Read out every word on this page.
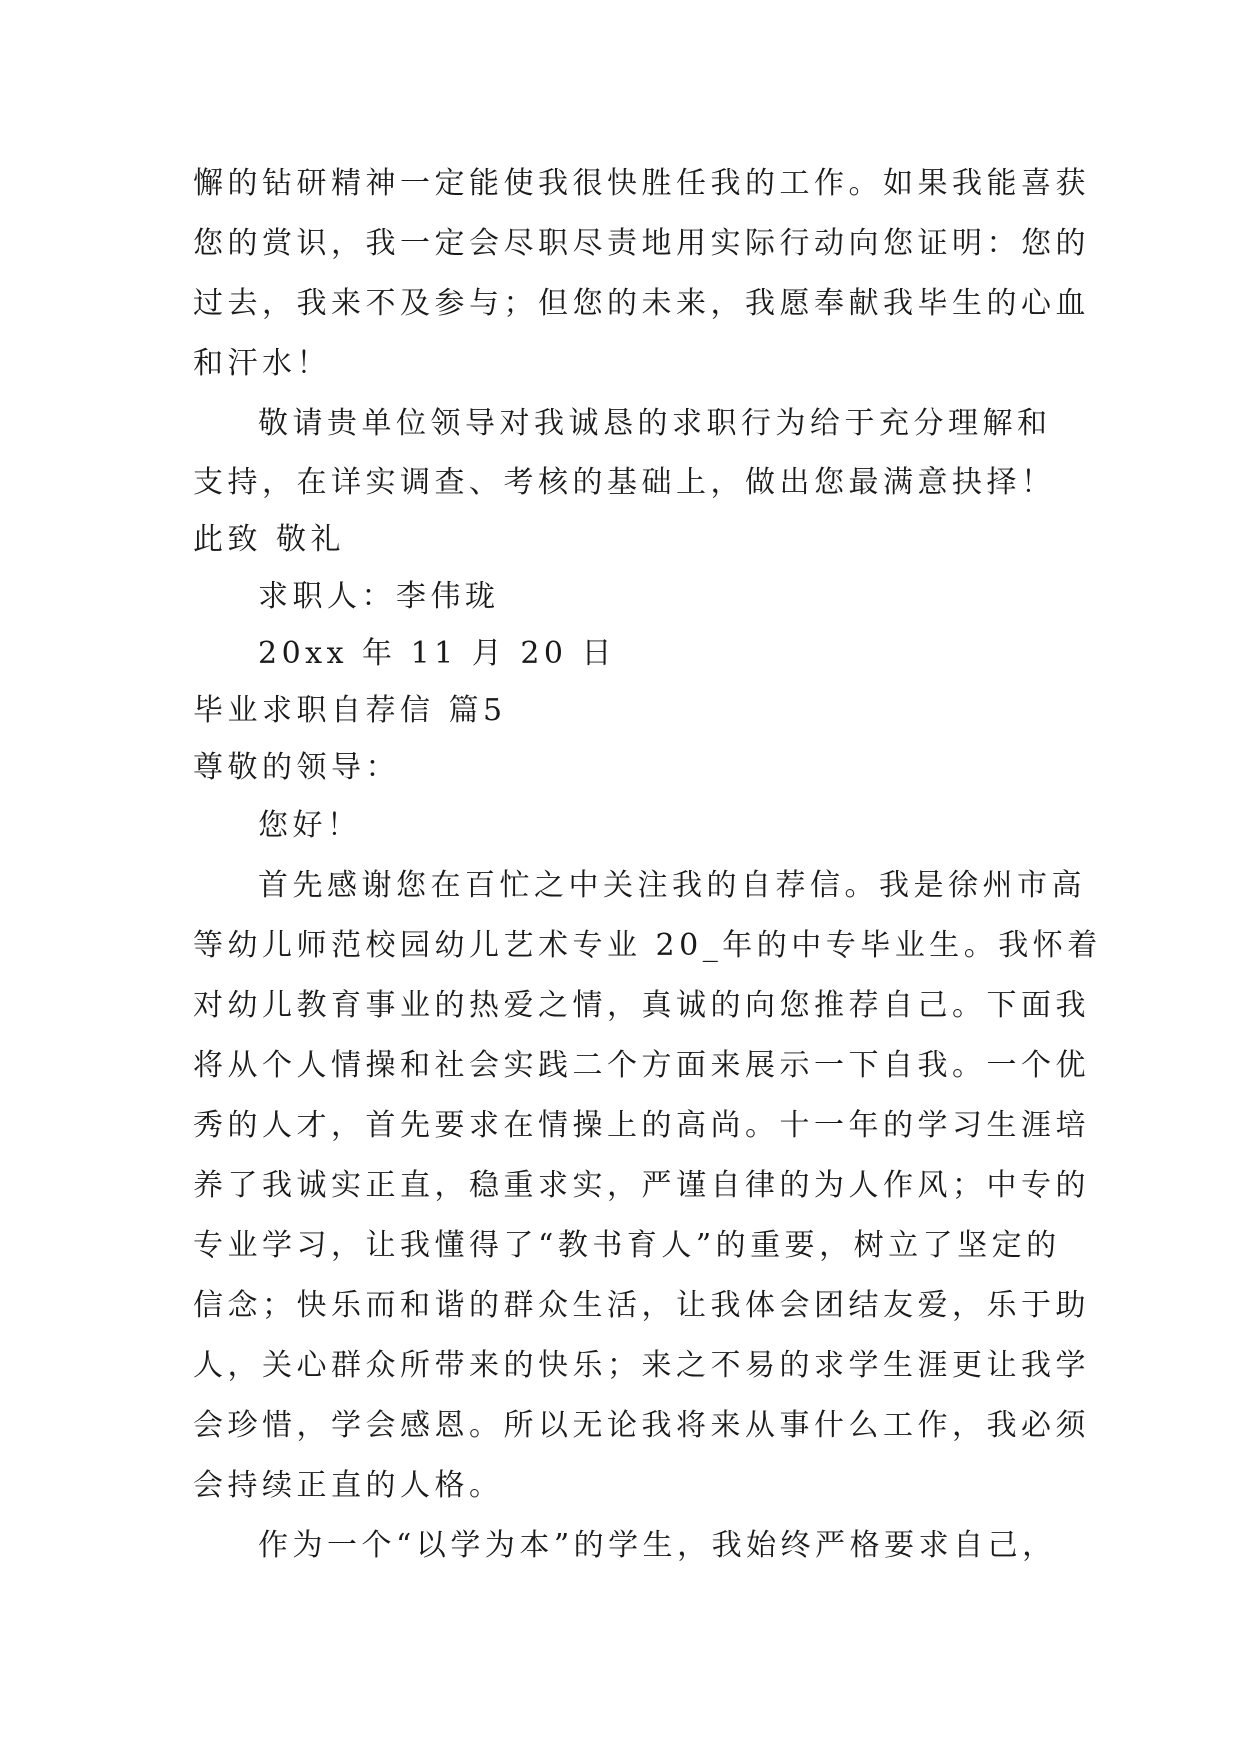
懈的钻研精神一定能使我很快胜任我的工作。如果我能喜获
您的赏识，我一定会尽职尽责地用实际行动向您证明：您的
过去，我来不及参与；但您的未来，我愿奉献我毕生的心血
和汗水！
敬请贵单位领导对我诚恳的求职行为给于充分理解和
支持，在详实调查、考核的基础上，做出您最满意抉择！
此致 敬礼
求职人：李伟珑
20xx 年 11 月 20 日
毕业求职自荐信 篇5
尊敬的领导：
您好！
首先感谢您在百忙之中关注我的自荐信。我是徐州市高
等幼儿师范校园幼儿艺术专业 20_年的中专毕业生。我怀着
对幼儿教育事业的热爱之情，真诚的向您推荐自己。下面我
将从个人情操和社会实践二个方面来展示一下自我。一个优
秀的人才，首先要求在情操上的高尚。十一年的学习生涯培
养了我诚实正直，稳重求实，严谨自律的为人作风；中专的
专业学习，让我懂得了“教书育人”的重要，树立了坚定的
信念；快乐而和谐的群众生活，让我体会团结友爱，乐于助
人，关心群众所带来的快乐；来之不易的求学生涯更让我学
会珍惜，学会感恩。所以无论我将来从事什么工作，我必须
会持续正直的人格。
作为一个“以学为本”的学生，我始终严格要求自己，
